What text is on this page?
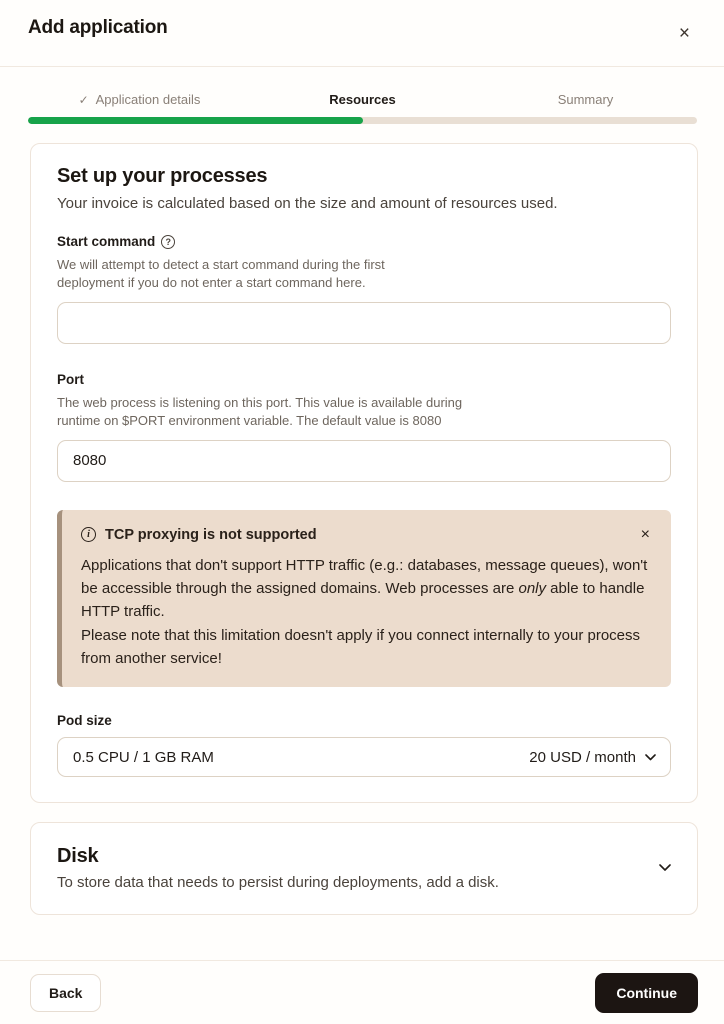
Add application	×
✓ Application details	Resources	Summary
Set up your processes

Your invoice is calculated based on the size and amount of resources used.

Start command	?
We will attempt to detect a start command during the first
deployment if you do not enter a start command here.
Port
The web process is listening on this port. This value is available during
runtime on $PORT environment variable. The default value is 8080
8080
i	TCP proxying is not supported	×
Applications that don't support HTTP traffic (e.g.: databases, message queues), won't be accessible through the assigned domains. Web processes are only able to handle HTTP traffic.
Please note that this limitation doesn't apply if you connect internally to your process from another service!
Pod size
0.5 CPU / 1 GB RAM	20 USD / month
Disk

To store data that needs to persist during deployments, add a disk.

Back	Continue
